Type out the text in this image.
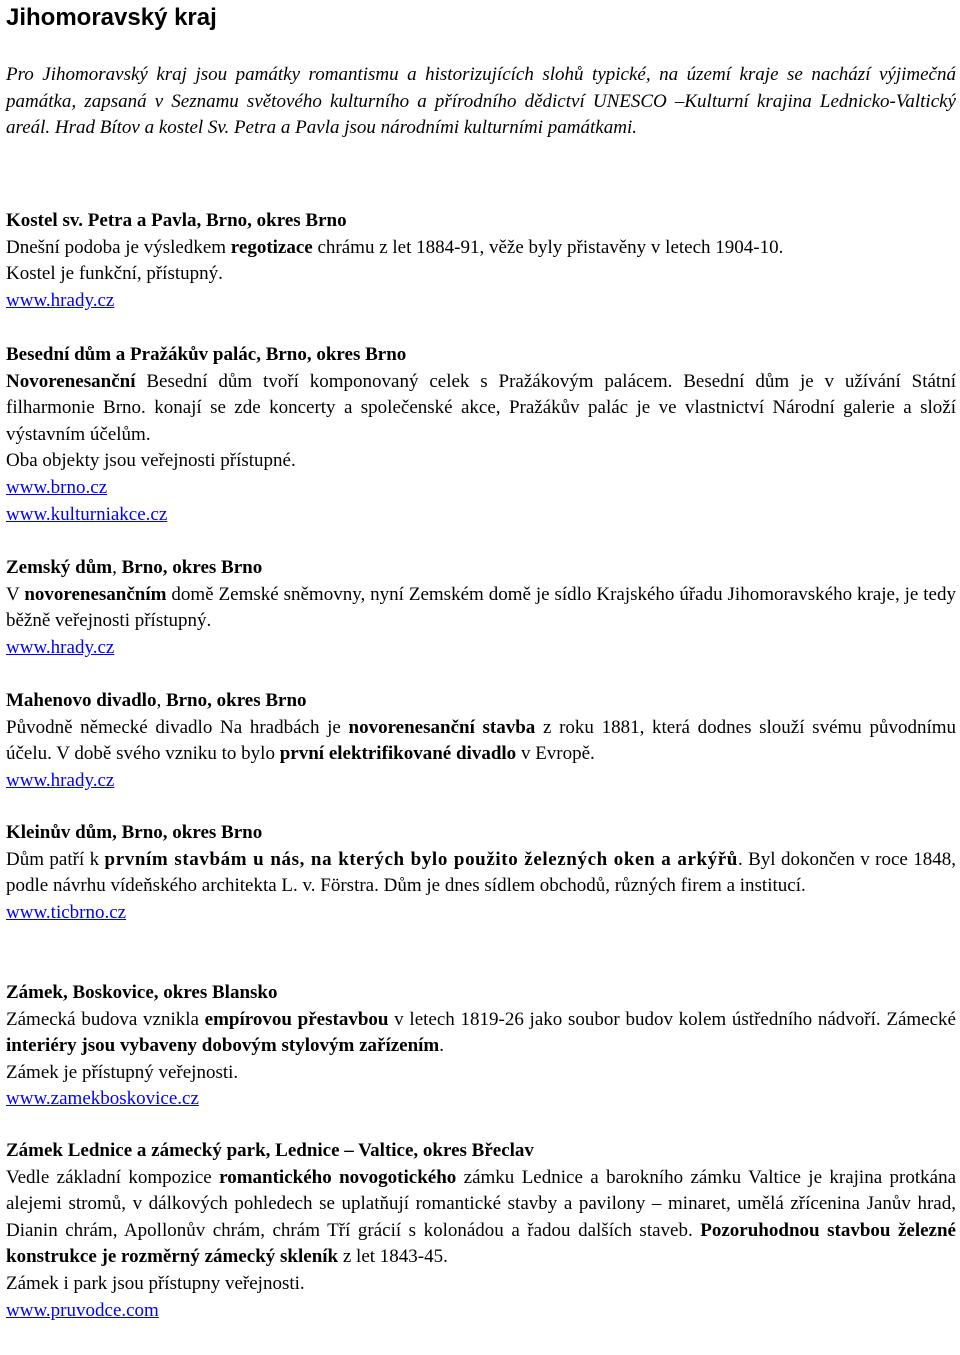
Jihomoravský kraj

Pro Jihomoravský kraj jsou památky romantismu a historizujících slohů typické, na území kraje se nachází výjimečná památka, zapsaná v Seznamu světového kulturního a přírodního dědictví UNESCO –Kulturní krajina Lednicko-Valtický areál. Hrad Bítov a kostel Sv. Petra a Pavla jsou národními kulturními památkami.

Kostel sv. Petra a Pavla, Brno, okres Brno

Dnešní podoba je výsledkem regotizace chrámu z let 1884-91, věže byly přistavěny v letech 1904-10.

Kostel je funkční, přístupný.

www.hrady.cz

Besední dům a Pražákův palác, Brno, okres Brno

Novorenesanční Besední dům tvoří komponovaný celek s Pražákovým palácem. Besední dům je v užívání Státní filharmonie Brno. konají se zde koncerty a společenské akce, Pražákův palác je ve vlastnictví Národní galerie a složí výstavním účelům.

Oba objekty jsou veřejnosti přístupné.

www.brno.cz
www.kulturniakce.cz

Zemský dům, Brno, okres Brno

V novorenesančním domě Zemské sněmovny, nyní Zemském domě je sídlo Krajského úřadu Jihomoravského kraje, je tedy běžně veřejnosti přístupný.

www.hrady.cz

Mahenovo divadlo, Brno, okres Brno

Původně německé divadlo Na hradbách je novorenesanční stavba z roku 1881, která dodnes slouží svému původnímu účelu. V době svého vzniku to bylo první elektrifikované divadlo v Evropě.

www.hrady.cz

Kleinův dům, Brno, okres Brno

Dům patří k prvním stavbám u nás, na kterých bylo použito železných oken a arkýřů. Byl dokončen v roce 1848, podle návrhu vídeňského architekta L. v. Förstra. Dům je dnes sídlem obchodů, různých firem a institucí.

www.ticbrno.cz

Zámek, Boskovice, okres Blansko

Zámecká budova vznikla empírovou přestavbou v letech 1819-26 jako soubor budov kolem ústředního nádvoří. Zámecké interiéry jsou vybaveny dobovým stylovým zařízením.

Zámek je přístupný veřejnosti.

www.zamekboskovice.cz

Zámek Lednice a zámecký park, Lednice – Valtice, okres Břeclav

Vedle základní kompozice romantického novogotického zámku Lednice a barokního zámku Valtice je krajina protkána alejemi stromů, v dálkových pohledech se uplatňují romantické stavby a pavilony – minaret, umělá zřícenina Janův hrad, Dianin chrám, Apollonův chrám, chrám Tří grácií s kolonádou a řadou dalších staveb. Pozoruhodnou stavbou železné konstrukce je rozměrný zámecký skleník z let 1843-45.

Zámek i park jsou přístupny veřejnosti.

www.pruvodce.com
